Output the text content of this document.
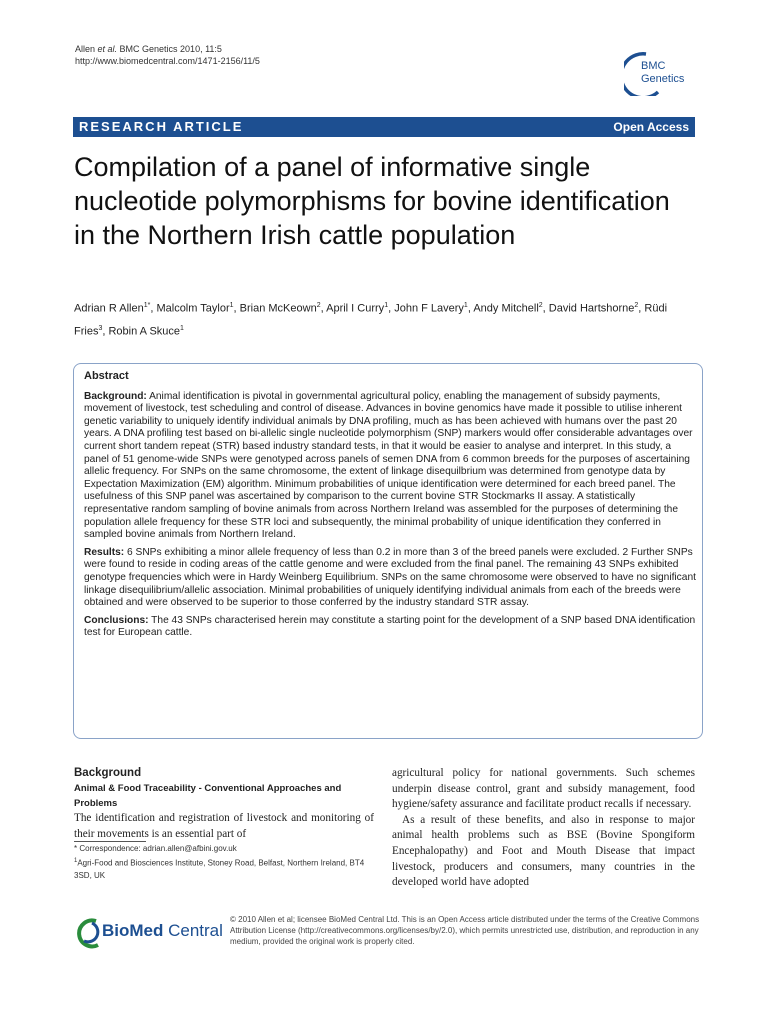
Allen et al. BMC Genetics 2010, 11:5
http://www.biomedcentral.com/1471-2156/11/5	BMC
Genetics
RESEARCH ARTICLE	Open Access
Compilation of a panel of informative single nucleotide polymorphisms for bovine identification in the Northern Irish cattle population
Adrian R Allen$^{1*}$, Malcolm Taylor$^1$, Brian McKeown$^2$, April I Curry$^1$, John F Lavery$^1$, Andy Mitchell$^2$, David Hartshorne$^2$, Rüdi Fries$^3$, Robin A Skuce$^1$
Abstract

Background: Animal identification is pivotal in governmental agricultural policy, enabling the management of subsidy payments, movement of livestock, test scheduling and control of disease. Advances in bovine genomics have made it possible to utilise inherent genetic variability to uniquely identify individual animals by DNA profiling, much as has been achieved with humans over the past 20 years. A DNA profiling test based on bi-allelic single nucleotide polymorphism (SNP) markers would offer considerable advantages over current short tandem repeat (STR) based industry standard tests, in that it would be easier to analyse and interpret. In this study, a panel of 51 genome-wide SNPs were genotyped across panels of semen DNA from 6 common breeds for the purposes of ascertaining allelic frequency. For SNPs on the same chromosome, the extent of linkage disequilbrium was determined from genotype data by Expectation Maximization (EM) algorithm. Minimum probabilities of unique identification were determined for each breed panel. The usefulness of this SNP panel was ascertained by comparison to the current bovine STR Stockmarks II assay. A statistically representative random sampling of bovine animals from across Northern Ireland was assembled for the purposes of determining the population allele frequency for these STR loci and subsequently, the minimal probability of unique identification they conferred in sampled bovine animals from Northern Ireland.

Results: 6 SNPs exhibiting a minor allele frequency of less than 0.2 in more than 3 of the breed panels were excluded. 2 Further SNPs were found to reside in coding areas of the cattle genome and were excluded from the final panel. The remaining 43 SNPs exhibited genotype frequencies which were in Hardy Weinberg Equilibrium. SNPs on the same chromosome were observed to have no significant linkage disequilibrium/allelic association. Minimal probabilities of uniquely identifying individual animals from each of the breeds were obtained and were observed to be superior to those conferred by the industry standard STR assay.

Conclusions: The 43 SNPs characterised herein may constitute a starting point for the development of a SNP based DNA identification test for European cattle.

Background
Animal & Food Traceability - Conventional Approaches and Problems

The identification and registration of livestock and monitoring of their movements is an essential part of

agricultural policy for national governments. Such schemes underpin disease control, grant and subsidy management, food hygiene/safety assurance and facilitate product recalls if necessary.

As a result of these benefits, and also in response to major animal health problems such as BSE (Bovine Spongiform Encephalopathy) and Foot and Mouth Disease that impact livestock, producers and consumers, many countries in the developed world have adopted

* Correspondence: adrian.allen@afbini.gov.uk
$^1$Agri-Food and Biosciences Institute, Stoney Road, Belfast, Northern Ireland, BT4 3SD, UK
BioMed Central
© 2010 Allen et al; licensee BioMed Central Ltd. This is an Open Access article distributed under the terms of the Creative Commons Attribution License (http://creativecommons.org/licenses/by/2.0), which permits unrestricted use, distribution, and reproduction in any medium, provided the original work is properly cited.
